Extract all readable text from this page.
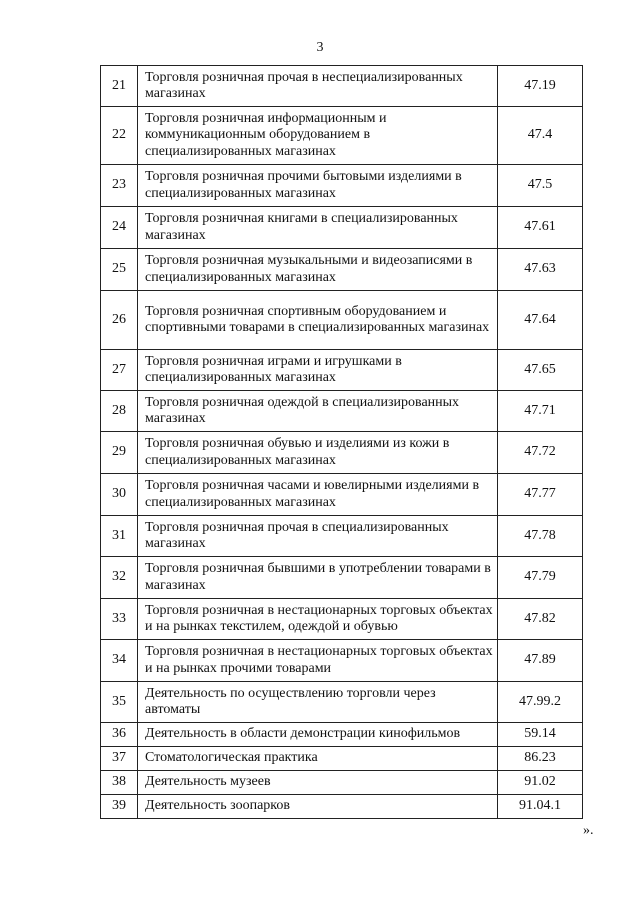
3
21	Торговля розничная прочая в неспециализированных магазинах	47.19
22	Торговля розничная информационным и коммуникационным оборудованием в специализированных магазинах	47.4
23	Торговля розничная прочими бытовыми изделиями в специализированных магазинах	47.5
24	Торговля розничная книгами в специализированных магазинах	47.61
25	Торговля розничная музыкальными и видеозаписями в специализированных магазинах	47.63
26	Торговля розничная спортивным оборудованием и спортивными товарами в специализированных магазинах	47.64
27	Торговля розничная играми и игрушками в специализированных магазинах	47.65
28	Торговля розничная одеждой в специализированных магазинах	47.71
29	Торговля розничная обувью и изделиями из кожи в специализированных магазинах	47.72
30	Торговля розничная часами и ювелирными изделиями в специализированных магазинах	47.77
31	Торговля розничная прочая в специализированных магазинах	47.78
32	Торговля розничная бывшими в употреблении товарами в магазинах	47.79
33	Торговля розничная в нестационарных торговых объектах и на рынках текстилем, одеждой и обувью	47.82
34	Торговля розничная в нестационарных торговых объектах и на рынках прочими товарами	47.89
35	Деятельность по осуществлению торговли через автоматы	47.99.2
36	Деятельность в области демонстрации кинофильмов	59.14
37	Стоматологическая практика	86.23
38	Деятельность музеев	91.02
39	Деятельность зоопарков	91.04.1
».
